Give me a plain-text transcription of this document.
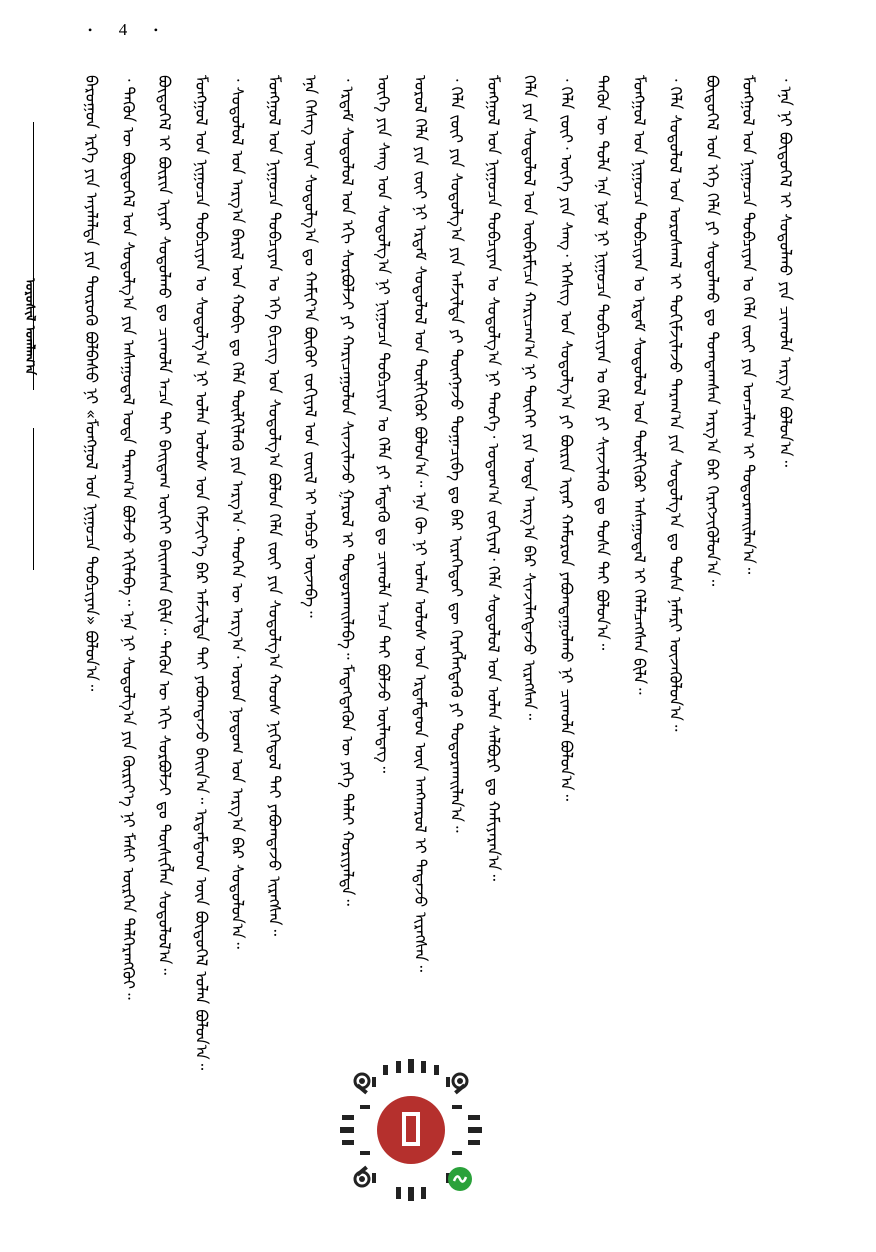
• 4 •
ᠣᠷᠣᠰᠢᠯ ᠤᠭᠯᠠᠭ᠎ᠠ	ᠪᠠᠷᠤᠭᠤᠨ ᠡᠷᠭᠡ ᠶᠢᠨ ᠠᠶᠠᠯᠠᠯᠲᠠ ᠶᠢᠨ ᠲᠦᠷᠦᠭᠦ ᠪᠣᠯᠪᠠᠰᠤ ᠨᠢ «ᠮᠣᠩᠭᠣᠯ ᠤᠨ ᠨᠢᠭᠤᠴᠠ ᠲᠣᠪᠴᠢᠶᠠᠨ» ᠪᠣᠯᠤᠨ᠎ᠠ᠃ ᠂ ᠲᠡᠭᠦᠨ ᠦ ᠪᠦᠲᠦᠭᠡᠯ ᠤᠨ ᠰᠤᠳᠤᠯᠭ᠎ᠠ ᠶᠢᠨ ᠠᠰᠠᠭᠤᠳᠠᠯ ᠤᠳᠠ ᠳᠠᠷᠠᠭ᠎ᠠ ᠪᠣᠯᠵᠤ ᠡᠬᠢᠯᠡᠪᠡ᠃ ᠡᠨᠡ ᠨᠢ ᠰᠤᠳᠤᠯᠭ᠎ᠠ ᠶᠢᠨ ᠬᠦᠷᠢᠶ᠎ᠡ ᠨᠢ ᠮᠠᠰᠢ ᠥᠷᠭᠡᠨ ᠳᠡᠯᠭᠡᠷᠡᠩᠭᠦᠢ᠃ ᠪᠦᠲᠦᠭᠡᠯ ᠢ ᠪᠦᠷᠢᠨ ᠢᠶᠡᠷ ᠰᠤᠳᠤᠯᠬᠤ ᠳᠤ ᠴᠢᠬᠤᠯᠠ ᠠᠴᠠ ᠲᠠᠢ ᠪᠠᠢᠳᠠᠭ ᠦᠭᠡᠢ ᠪᠠᠢᠭ᠍ᠰᠠᠨ ᠪᠢᠯᠡ᠃ ᠲᠡᠭᠦᠨ ᠦ ᠡᠬᠢ ᠰᠤᠷᠪᠤᠯᠵᠢ ᠳᠤ ᠲᠦᠰᠢᠭᠯᠡᠨ ᠰᠤᠳᠤᠯᠤᠯ᠎ᠠ᠃ ᠮᠣᠩᠭᠣᠯ ᠤᠨ ᠨᠢᠭᠤᠴᠠ ᠲᠣᠪᠴᠢᠶᠠᠨ ᠤ ᠰᠤᠳᠤᠯᠭ᠎ᠠ ᠨᠢ ᠣᠯᠠᠨ ᠤᠯᠤᠰ ᠤᠨ ᠬᠡᠮᠵᠢᠶ᠎ᠡ ᠪᠡᠷ ᠠᠮᠵᠢᠯᠲᠠ ᠲᠠᠢ ᠶᠠᠪᠤᠭ᠍ᠳᠠᠵᠤ ᠪᠠᠢᠨ᠎ᠠ᠃ ᠡᠷᠳᠡᠮᠲᠡᠳ ᠦᠨ ᠪᠦᠲᠦᠭᠡᠯ ᠣᠯᠠᠨ ᠪᠣᠯᠤᠨ᠎ᠠ᠃ ᠂ ᠰᠤᠳᠤᠯᠤᠯ ᠤᠨ ᠠᠷᠭ᠎ᠠ ᠪᠠᠷᠢᠯ ᠤᠨ ᠬᠤᠪᠢ ᠳᠤ ᠬᠡᠯᠡ ᠲᠦᠯᠬᠢᠯᠡᠬᠦ ᠶᠢᠨ ᠠᠷᠭ᠎ᠠ᠂ ᠲᠡᠦᠬᠡᠨ ᠦ ᠠᠷᠭ᠎ᠠ᠂ ᠤᠷᠤᠨ ᠨᠤᠲᠤᠭ ᠤᠨ ᠠᠷᠭ᠎ᠠ ᠪᠡᠷ ᠰᠤᠳᠤᠯᠤᠨ᠎ᠠ᠃ ᠮᠣᠩᠭᠣᠯ ᠤᠨ ᠨᠢᠭᠤᠴᠠ ᠲᠣᠪᠴᠢᠶᠠᠨ ᠤ ᠡᠬᠡ ᠪᠢᠴᠢᠭ ᠤᠨ ᠰᠤᠳᠤᠯᠭ᠎ᠠ ᠪᠣᠯᠤᠨ ᠬᠡᠯᠡ ᠵᠦᠢ ᠶᠢᠨ ᠰᠤᠳᠤᠯᠭ᠎ᠠ ᠬᠣᠣᠰ ᠨᠢᠭᠡᠳᠦᠯ ᠲᠡᠢ ᠶᠠᠪᠤᠭ᠍ᠳᠠᠵᠤ ᠢᠷᠡᠭᠰᠡᠨ᠃ ᠡᠨᠡ ᠬᠡᠰᠡᠭ ᠦᠨ ᠰᠤᠳᠤᠯᠭ᠎ᠠ ᠳᠤ ᠬᠠᠮᠢᠶ᠎ᠠ ᠪᠦᠬᠦᠢ ᠵᠣᠬᠢᠶᠠᠯ ᠤᠨ ᠵᠦᠢᠯ ᠢ ᠠᠪᠴᠤ ᠦᠵᠡᠪᠡ᠃ ᠂ ᠡᠷᠳᠡᠮ ᠰᠤᠳᠤᠯᠤᠯ ᠤᠨ ᠡᠬᠢ ᠰᠤᠷᠪᠤᠯᠵᠢ ᠶᠢ ᠬᠠᠷᠢᠴᠠᠭᠤᠯᠤᠨ ᠰᠢᠨᠵᠢᠯᠡᠵᠦ ᠭᠠᠷᠤᠯ ᠢ ᠲᠣᠳᠤᠷᠬᠠᠢᠯᠠᠪᠠ᠃ ᠮᠡᠳᠡᠭᠳᠡᠬᠦᠨ ᠦ ᠶᠡᠬᠡ ᠳᠠᠯᠠᠢ ᠬᠤᠷᠢᠶᠠᠯᠲᠠ᠃ ᠦᠭᠡ ᠶᠢᠨ ᠰᠠᠩ ᠤᠨ ᠰᠤᠳᠤᠯᠭ᠎ᠠ ᠨᠢ ᠨᠢᠭᠤᠴᠠ ᠲᠣᠪᠴᠢᠶᠠᠨ ᠤ ᠬᠡᠯᠡ ᠶᠢ ᠮᠡᠳᠡᠬᠦ ᠳᠤ ᠴᠢᠬᠤᠯᠠ ᠠᠴᠠ ᠲᠠᠢ ᠪᠣᠯᠵᠤ ᠦᠯᠡᠳᠡᠭ᠃ ᠤᠷᠤᠯ ᠬᠡᠯᠡ ᠶᠢᠨ ᠵᠦᠢ ᠨᠢ ᠡᠷᠳᠡᠮ ᠰᠤᠳᠤᠯᠤᠯ ᠤᠨ ᠲᠦᠯᠬᠢᠬᠦᠷ ᠪᠣᠯᠤᠨ᠎ᠠ᠃ ᠡᠨᠡ ᠬᠦ ᠨᠢ ᠣᠯᠠᠨ ᠤᠯᠤᠰ ᠤᠨ ᠡᠷᠳᠡᠮᠲᠡᠳ ᠦᠨ ᠠᠩᠬᠠᠷᠤᠯ ᠢ ᠲᠠᠲᠠᠵᠤ ᠢᠷᠡᠭᠰᠡᠨ᠃ ᠂ ᠬᠡᠯᠡ ᠵᠦᠢ ᠶᠢᠨ ᠰᠤᠳᠤᠯᠭ᠎ᠠ ᠶᠢᠨ ᠠᠮᠵᠢᠯᠲᠠ ᠶᠢ ᠳᠦᠩᠨᠡᠵᠦ ᠲᠣᠭᠠᠴᠢᠪᠠ ᠳᠤ ᠪᠡᠷ ᠢᠷᠡᠭᠡᠳᠦᠢ ᠳᠦ ᠬᠡᠷᠡᠭᠯᠡᠭᠳᠡᠬᠦ ᠶᠢ ᠲᠣᠳᠣᠷᠬᠠᠢᠯᠠᠨ᠎ᠠ᠃ ᠮᠣᠩᠭᠣᠯ ᠤᠨ ᠨᠢᠭᠤᠴᠠ ᠲᠣᠪᠴᠢᠶᠠᠨ ᠤ ᠰᠤᠳᠤᠯᠭ᠎ᠠ ᠨᠢ ᠲᠡᠦᠬᠡ᠂ ᠤᠲᠤᠭ᠎ᠠ ᠵᠣᠬᠢᠶᠠᠯ᠂ ᠬᠡᠯᠡ ᠰᠤᠳᠤᠯᠤᠯ ᠤᠨ ᠣᠯᠠᠨ ᠰᠠᠯᠪᠤᠷᠢ ᠳᠤ ᠬᠠᠮᠢᠶᠠᠷᠠᠨ᠎ᠠ᠃ ᠬᠡᠯᠡ ᠶᠢᠨ ᠰᠤᠳᠤᠯᠤᠯ ᠤᠨ ᠦᠪᠡᠷᠮᠢᠴᠡ ᠬᠠᠷᠢᠴᠠᠭ᠎ᠠ ᠨᠢ ᠲᠦᠬᠡᠢ ᠶᠢᠨ ᠤᠳᠠ ᠠᠷᠭ᠎ᠠ ᠪᠡᠷ ᠰᠢᠨᠵᠢᠯᠡᠭᠳᠡᠵᠦ ᠢᠷᠡᠭᠰᠡᠨ᠃ ᠂ ᠬᠡᠯᠡ ᠵᠦᠢ᠂ ᠦᠭᠡ ᠶᠢᠨ ᠰᠠᠩ᠂ ᠡᠭᠡᠰᠢᠭ ᠤᠨ ᠰᠤᠳᠤᠯᠭ᠎ᠠ ᠶᠢ ᠪᠦᠷᠢᠨ ᠢᠶᠡᠷ ᠬᠠᠮᠤᠷᠤᠨ ᠶᠠᠪᠤᠭ᠍ᠳᠠᠭᠤᠯᠬᠤ ᠨᠢ ᠴᠢᠬᠤᠯᠠ ᠪᠣᠯᠤᠨ᠎ᠠ᠃ ᠲᠡᠭᠦᠨ ᠦ ᠲᠤᠯᠠ ᠡᠨᠡ ᠨᠣᠮ ᠨᠢ ᠨᠢᠭᠤᠴᠠ ᠲᠣᠪᠴᠢᠶᠠᠨ ᠤ ᠬᠡᠯᠡ ᠶᠢ ᠰᠢᠨᠵᠢᠯᠡᠬᠦ ᠳᠤ ᠲᠤᠰᠠ ᠲᠠᠢ ᠪᠣᠯᠤᠨ᠎ᠠ᠃ ᠮᠣᠩᠭᠣᠯ ᠤᠨ ᠨᠢᠭᠤᠴᠠ ᠲᠣᠪᠴᠢᠶᠠᠨ ᠤ ᠡᠷᠳᠡᠮ ᠰᠤᠳᠤᠯᠤᠯ ᠤᠨ ᠲᠦᠯᠬᠢᠬᠦᠷ ᠠᠰᠠᠭᠤᠳᠠᠯ ᠢ ᠬᠡᠯᠡᠯᠴᠡᠭᠰᠡᠨ ᠪᠢᠯᠡ᠃ ᠂ ᠬᠡᠯᠡ ᠰᠤᠳᠤᠯᠤᠯ ᠤᠨ ᠤᠷᠤᠰᠬᠠᠯ ᠢ ᠲᠣᠭᠢᠮᠵᠢᠯᠠᠵᠤ ᠳᠠᠷᠠᠭ᠎ᠠ ᠶᠢᠨ ᠰᠤᠳᠤᠯᠭ᠎ᠠ ᠳᠤ ᠲᠤᠰᠠ ᠨᠡᠮᠡᠷᠢ ᠦᠵᠡᠭᠦᠯᠦᠨ᠎ᠠ᠃ ᠪᠦᠲᠦᠭᠡᠯ ᠤᠨ ᠡᠬᠡ ᠬᠡᠯᠡ ᠶᠢ ᠰᠤᠳᠤᠯᠬᠤ ᠳᠤ ᠲᠣᠭᠲᠠᠭᠰᠠᠨ ᠠᠷᠭ᠎ᠠ ᠪᠡᠷ ᠬᠡᠷᠡᠭᠵᠢᠭᠦᠯᠦᠨ᠎ᠠ᠃ ᠮᠣᠩᠭᠣᠯ ᠤᠨ ᠨᠢᠭᠤᠴᠠ ᠲᠣᠪᠴᠢᠶᠠᠨ ᠤ ᠬᠡᠯᠡ ᠵᠦᠢ ᠶᠢᠨ ᠣᠨᠴᠠᠯᠢᠭ ᠢ ᠲᠣᠳᠤᠷᠬᠠᠢᠯᠠᠨ᠎ᠠ᠃ ᠂ ᠡᠨᠡ ᠨᠢ ᠪᠦᠲᠦᠭᠡᠯ ᠢ ᠰᠤᠳᠤᠯᠬᠤ ᠶᠢᠨ ᠴᠢᠬᠤᠯᠠ ᠠᠷᠭ᠎ᠠ ᠪᠣᠯᠤᠨ᠎ᠠ᠃
